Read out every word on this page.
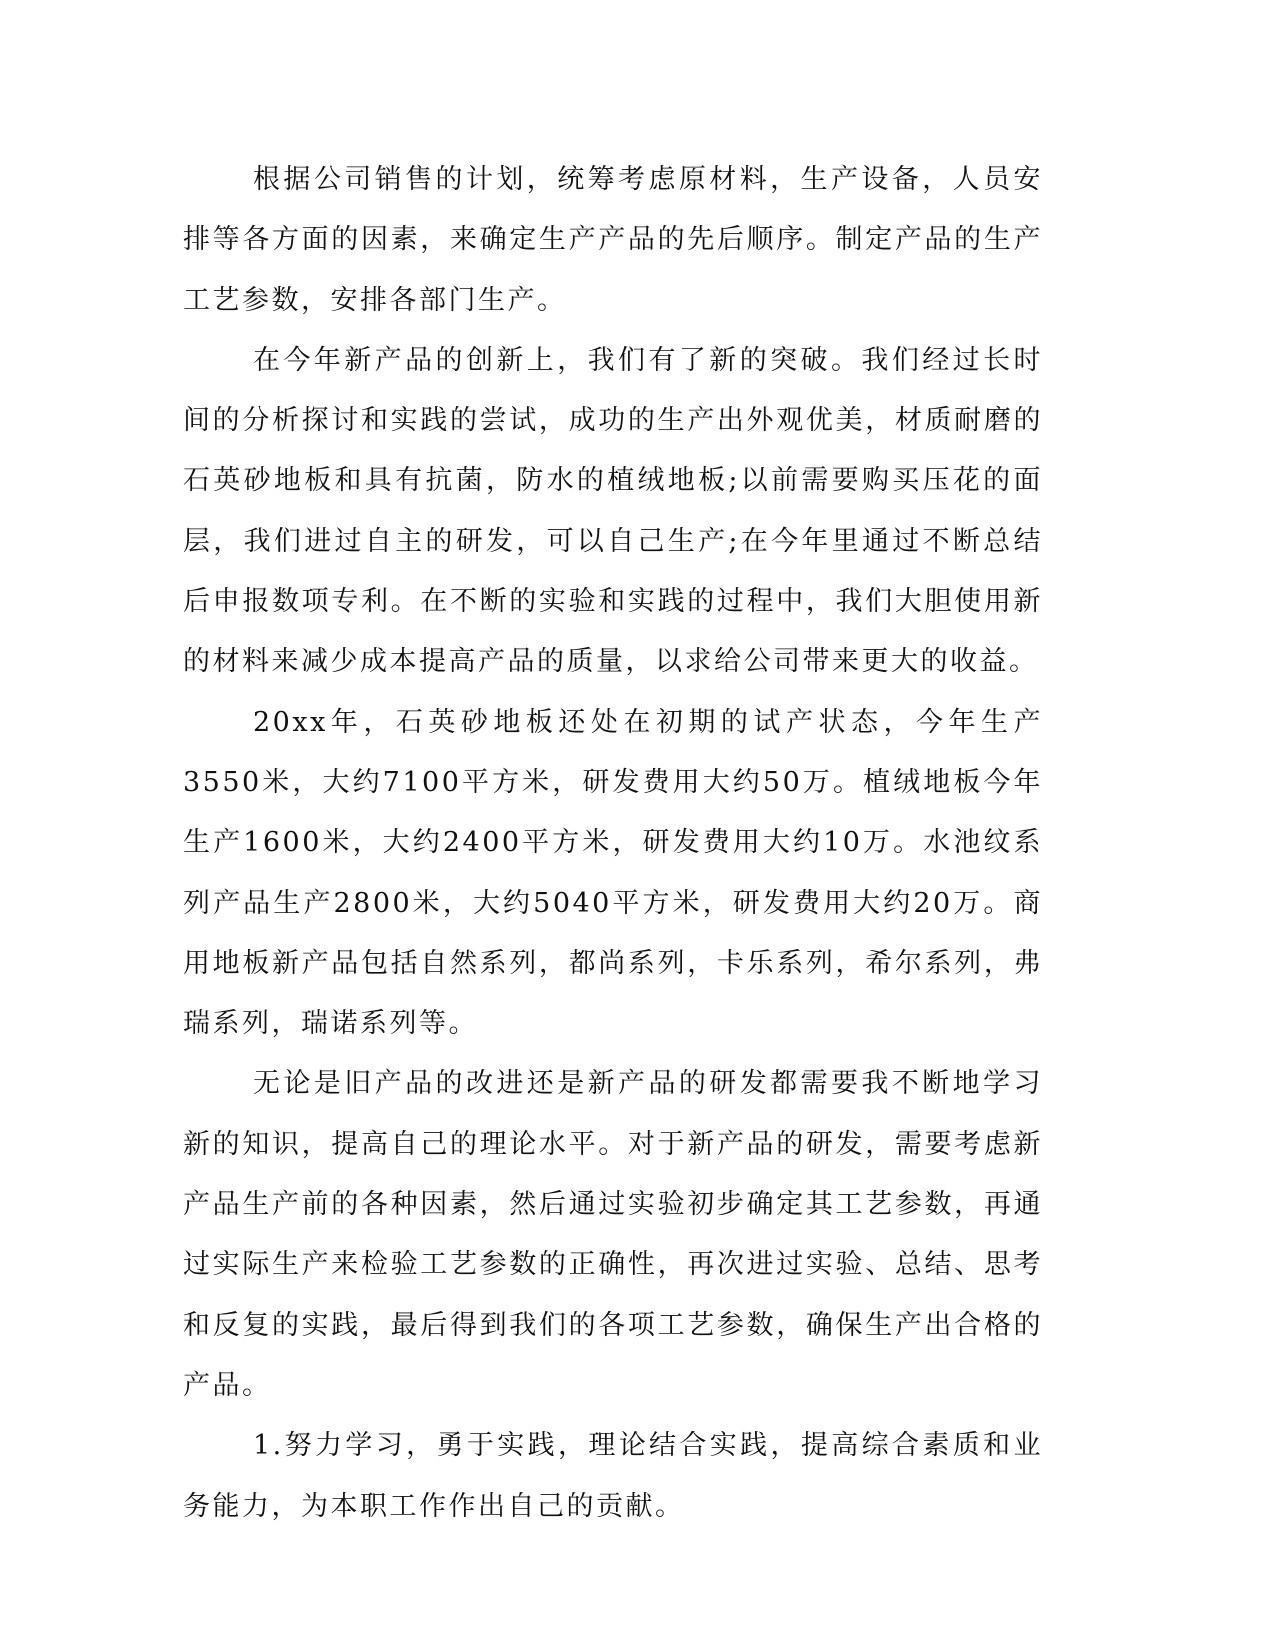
根据公司销售的计划，统筹考虑原材料，生产设备，人员安排等各方面的因素，来确定生产产品的先后顺序。制定产品的生产工艺参数，安排各部门生产。

在今年新产品的创新上，我们有了新的突破。我们经过长时间的分析探讨和实践的尝试，成功的生产出外观优美，材质耐磨的石英砂地板和具有抗菌，防水的植绒地板;以前需要购买压花的面层，我们进过自主的研发，可以自己生产;在今年里通过不断总结后申报数项专利。在不断的实验和实践的过程中，我们大胆使用新的材料来减少成本提高产品的质量，以求给公司带来更大的收益。

20xx年，石英砂地板还处在初期的试产状态，今年生产3550米，大约7100平方米，研发费用大约50万。植绒地板今年生产1600米，大约2400平方米，研发费用大约10万。水池纹系列产品生产2800米，大约5040平方米，研发费用大约20万。商用地板新产品包括自然系列，都尚系列，卡乐系列，希尔系列，弗瑞系列，瑞诺系列等。

无论是旧产品的改进还是新产品的研发都需要我不断地学习新的知识，提高自己的理论水平。对于新产品的研发，需要考虑新产品生产前的各种因素，然后通过实验初步确定其工艺参数，再通过实际生产来检验工艺参数的正确性，再次进过实验、总结、思考和反复的实践，最后得到我们的各项工艺参数，确保生产出合格的产品。

1.努力学习，勇于实践，理论结合实践，提高综合素质和业务能力，为本职工作作出自己的贡献。
